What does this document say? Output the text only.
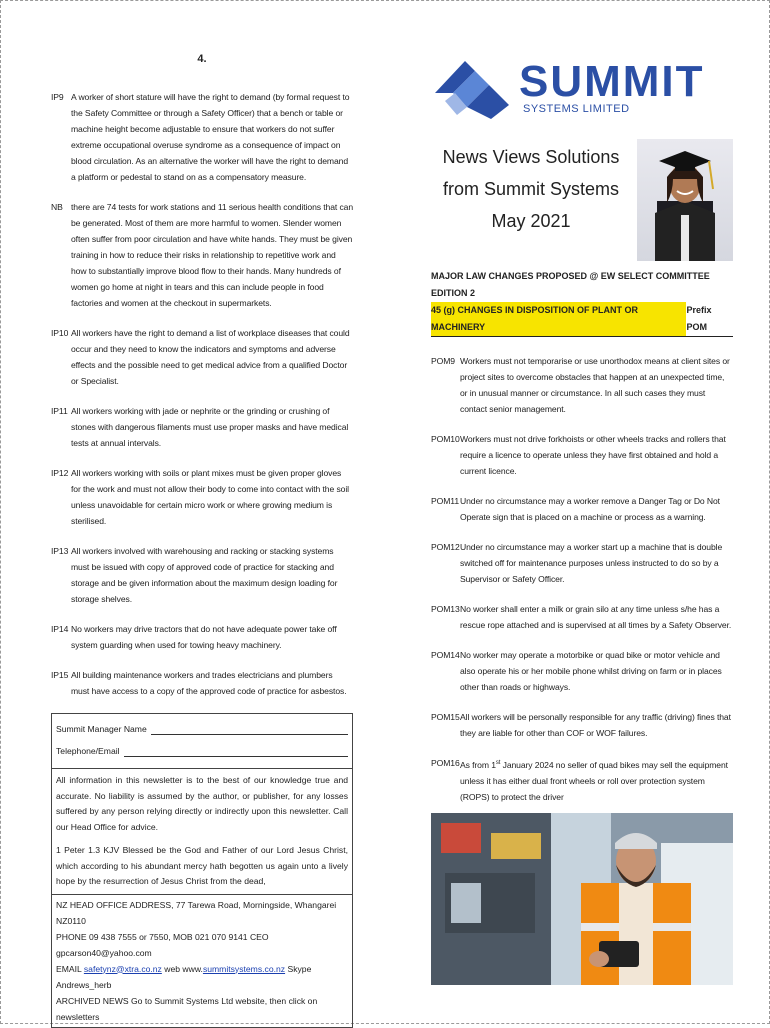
4.
IP9 A worker of short stature will have the right to demand (by formal request to the Safety Committee or through a Safety Officer) that a bench or table or machine height become adjustable to ensure that workers do not suffer extreme occupational overuse syndrome as a consequence of impact on blood circulation. As an alternative the worker will have the right to demand a platform or pedestal to stand on as a compensatory measure.
NB there are 74 tests for work stations and 11 serious health conditions that can be generated. Most of them are more harmful to women. Slender women often suffer from poor circulation and have white hands. They must be given training in how to reduce their risks in relationship to repetitive work and how to substantially improve blood flow to their hands. Many hundreds of women go home at night in tears and this can include people in food factories and women at the checkout in supermarkets.
IP10 All workers have the right to demand a list of workplace diseases that could occur and they need to know the indicators and symptoms and adverse effects and the possible need to get medical advice from a qualified Doctor or Specialist.
IP11 All workers working with jade or nephrite or the grinding or crushing of stones with dangerous filaments must use proper masks and have medical tests at annual intervals.
IP12 All workers working with soils or plant mixes must be given proper gloves for the work and must not allow their body to come into contact with the soil unless unavoidable for certain micro work or where growing medium is sterilised.
IP13 All workers involved with warehousing and racking or stacking systems must be issued with copy of approved code of practice for stacking and storage and be given information about the maximum design loading for storage shelves.
IP14 No workers may drive tractors that do not have adequate power take off system guarding when used for towing heavy machinery.
IP15 All building maintenance workers and trades electricians and plumbers must have access to a copy of the approved code of practice for asbestos.
Summit Manager Name
Telephone/Email

All information in this newsletter is to the best of our knowledge true and accurate. No liability is assumed by the author, or publisher, for any losses suffered by any person relying directly or indirectly upon this newsletter. Call our Head Office for advice.

1 Peter 1.3 KJV Blessed be the God and Father of our Lord Jesus Christ, which according to his abundant mercy hath begotten us again unto a lively hope by the resurrection of Jesus Christ from the dead,

NZ HEAD OFFICE ADDRESS, 77 Tarewa Road, Morningside, Whangarei NZ0110
PHONE 09 438 7555 or 7550, MOB 021 070 9141 CEO gpcarson40@yahoo.com
EMAIL safetynz@xtra.co.nz web www.summitsystems.co.nz Skype Andrews_herb
ARCHIVED NEWS Go to Summit Systems Ltd website, then click on newsletters
SUMMIT
SYSTEMS LIMITED
News Views Solutions
from Summit Systems
May 2021
MAJOR LAW CHANGES PROPOSED @ EW SELECT COMMITTEE EDITION 2
45 (g) CHANGES IN DISPOSITION OF PLANT OR MACHINERY
Prefix POM
POM9 Workers must not temporarise or use unorthodox means at client sites or project sites to overcome obstacles that happen at an unexpected time, or in unusual manner or circumstance. In all such cases they must contact senior management.
POM10 Workers must not drive forkhoists or other wheels tracks and rollers that require a licence to operate unless they have first obtained and hold a current licence.
POM11 Under no circumstance may a worker remove a Danger Tag or Do Not Operate sign that is placed on a machine or process as a warning.
POM12 Under no circumstance may a worker start up a machine that is double switched off for maintenance purposes unless instructed to do so by a Supervisor or Safety Officer.
POM13 No worker shall enter a milk or grain silo at any time unless s/he has a rescue rope attached and is supervised at all times by a Safety Observer.
POM14 No worker may operate a motorbike or quad bike or motor vehicle and also operate his or her mobile phone whilst driving on farm or in places other than roads or highways.
POM15 All workers will be personally responsible for any traffic (driving) fines that they are liable for other than COF or WOF failures.
POM16 As from 1st January 2024 no seller of quad bikes may sell the equipment unless it has either dual front wheels or roll over protection system (ROPS) to protect the driver
